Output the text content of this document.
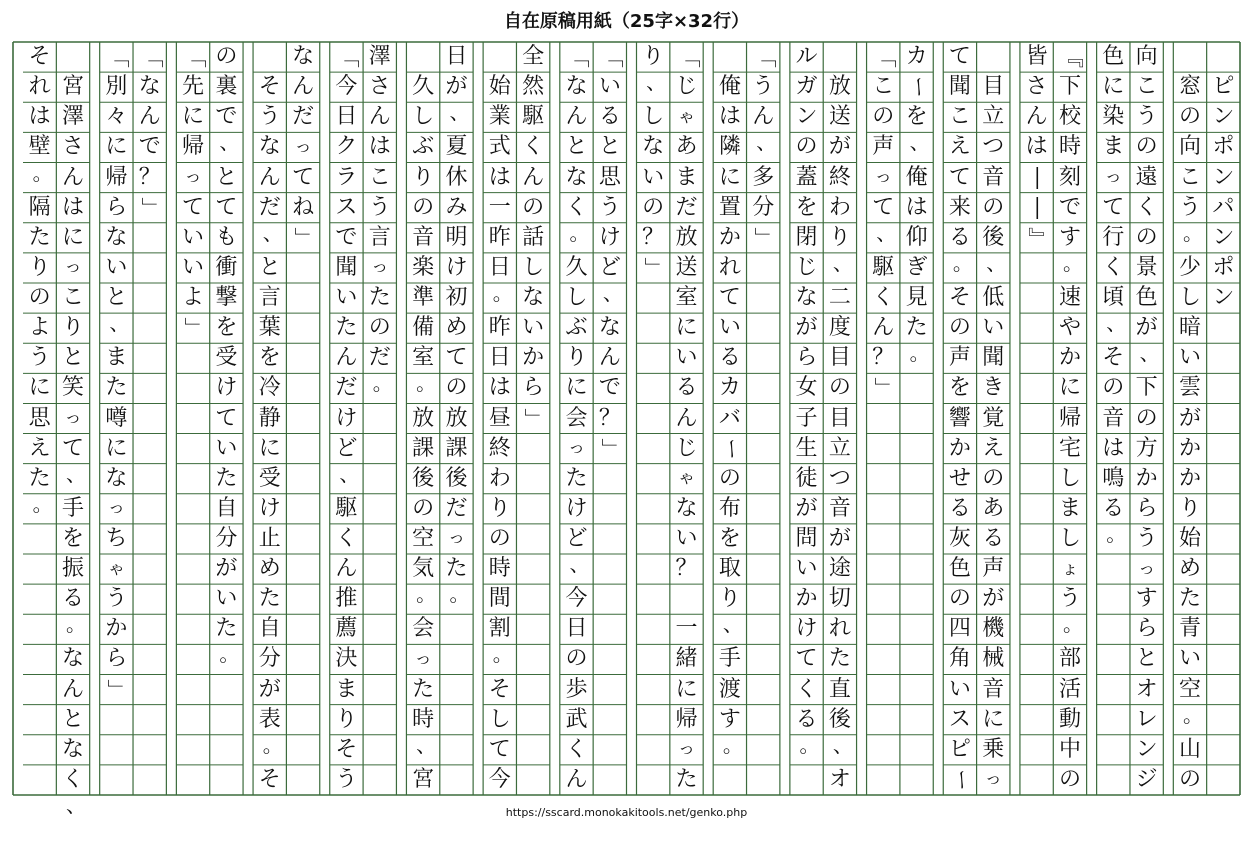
自在原稿用紙（25字×32行）
ピ
ン
ポ
ン
パ
ン
ポ
ン
窓
の
向
こ
う
。
少
し
暗
い
雲
が
か
か
り
始
め
た
青
い
空
。
山
の
向
こ
う
の
遠
く
の
景
色
が
、
下
の
方
か
ら
う
っ
す
ら
と
オ
レ
ン
ジ
色
に
染
ま
っ
て
行
く
頃
、
そ
の
音
は
鳴
る
。
『
下
校
時
刻
で
す
。
速
や
か
に
帰
宅
し
ま
し
ょ
う
。
部
活
動
中
の
皆
さ
ん
は
―
―
』
目
立
つ
音
の
後
、
低
い
聞
き
覚
え
の
あ
る
声
が
機
械
音
に
乗
っ
て
聞
こ
え
て
来
る
。
そ
の
声
を
響
か
せ
る
灰
色
の
四
角
い
ス
ピ
ー
カ
ー
を
、
俺
は
仰
ぎ
見
た
。
「
こ
の
声
っ
て
、
駆
く
ん
？
」
放
送
が
終
わ
り
、
二
度
目
の
目
立
つ
音
が
途
切
れ
た
直
後
、
オ
ル
ガ
ン
の
蓋
を
閉
じ
な
が
ら
女
子
生
徒
が
問
い
か
け
て
く
る
。
「
う
ん
、
多
分
」
俺
は
隣
に
置
か
れ
て
い
る
カ
バ
ー
の
布
を
取
り
、
手
渡
す
。
「
じ
ゃ
あ
ま
だ
放
送
室
に
い
る
ん
じ
ゃ
な
い
？
一
緒
に
帰
っ
た
り
、
し
な
い
の
？
」
「
い
る
と
思
う
け
ど
、
な
ん
で
？
」
「
な
ん
と
な
く
。
久
し
ぶ
り
に
会
っ
た
け
ど
、
今
日
の
歩
武
く
ん
全
然
駆
く
ん
の
話
し
な
い
か
ら
」
始
業
式
は
一
昨
日
。
昨
日
は
昼
終
わ
り
の
時
間
割
。
そ
し
て
今
日
が
、
夏
休
み
明
け
初
め
て
の
放
課
後
だ
っ
た
。
久
し
ぶ
り
の
音
楽
準
備
室
。
放
課
後
の
空
気
。
会
っ
た
時
、
宮
澤
さ
ん
は
こ
う
言
っ
た
の
だ
。
「
今
日
ク
ラ
ス
で
聞
い
た
ん
だ
け
ど
、
駆
く
ん
推
薦
決
ま
り
そ
う
な
ん
だ
っ
て
ね
」
そ
う
な
ん
だ
、
と
言
葉
を
冷
静
に
受
け
止
め
た
自
分
が
表
。
そ
の
裏
で
、
と
て
も
衝
撃
を
受
け
て
い
た
自
分
が
い
た
。
「
先
に
帰
っ
て
い
い
よ
」
「
な
ん
で
？
」
「
別
々
に
帰
ら
な
い
と
、
ま
た
噂
に
な
っ
ち
ゃ
う
か
ら
」
宮
澤
さ
ん
は
に
っ
こ
り
と
笑
っ
て
、
手
を
振
る
。
な
ん
と
な
く
、
そ
れ
は
壁
。
隔
た
り
の
よ
う
に
思
え
た
。
https://sscard.monokakitools.net/genko.php
